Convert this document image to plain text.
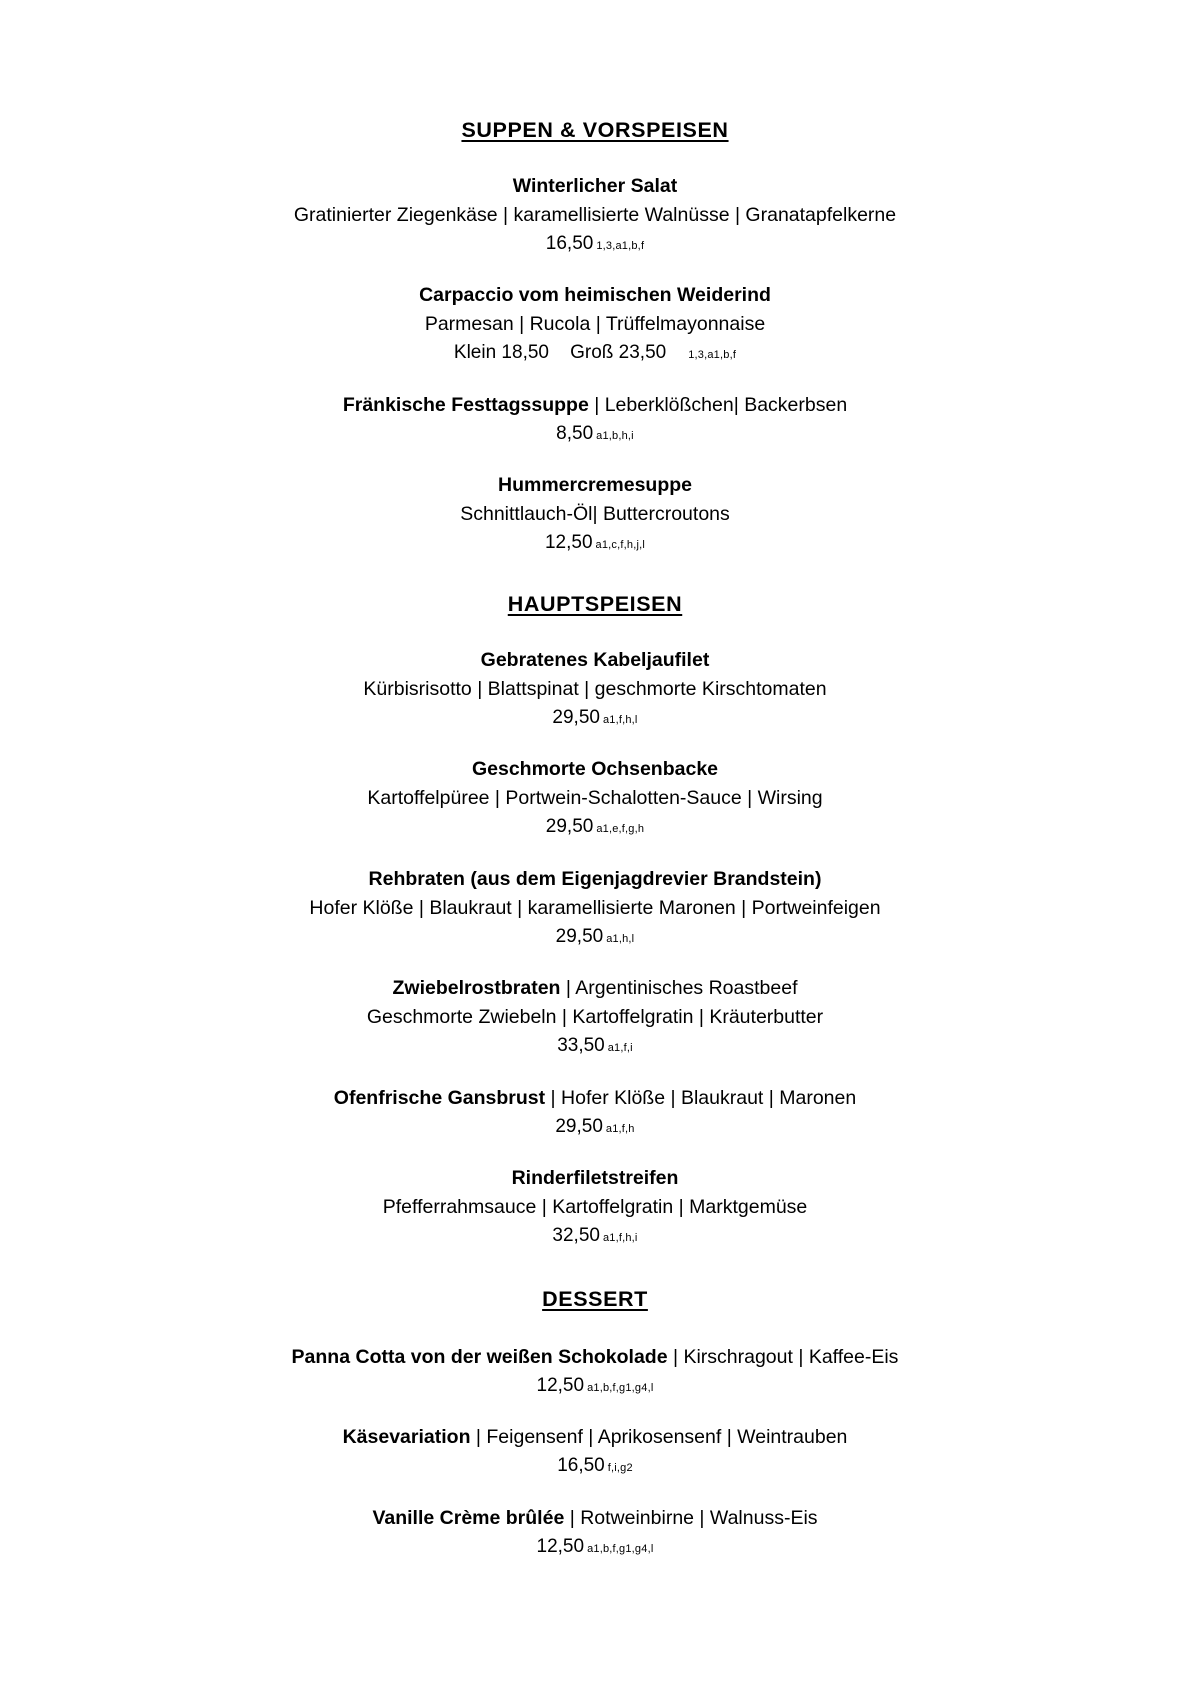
SUPPEN & VORSPEISEN

Winterlicher Salat

Gratinierter Ziegenkäse | karamellisierte Walnüsse | Granatapfelkerne

16,50 1,3,a1,b,f

Carpaccio vom heimischen Weiderind

Parmesan | Rucola | Trüffelmayonnaise

Klein 18,50 Groß 23,50 1,3,a1,b,f

Fränkische Festtagssuppe | Leberklößchen| Backerbsen

8,50 a1,b,h,i

Hummercremesuppe

Schnittlauch-Öl| Buttercroutons

12,50 a1,c,f,h,j,l

HAUPTSPEISEN

Gebratenes Kabeljaufilet

Kürbisrisotto | Blattspinat | geschmorte Kirschtomaten

29,50 a1,f,h,l

Geschmorte Ochsenbacke

Kartoffelpüree | Portwein-Schalotten-Sauce | Wirsing

29,50 a1,e,f,g,h

Rehbraten (aus dem Eigenjagdrevier Brandstein)

Hofer Klöße | Blaukraut | karamellisierte Maronen | Portweinfeigen

29,50 a1,h,l

Zwiebelrostbraten | Argentinisches Roastbeef

Geschmorte Zwiebeln | Kartoffelgratin | Kräuterbutter

33,50 a1,f,i

Ofenfrische Gansbrust | Hofer Klöße | Blaukraut | Maronen

29,50 a1,f,h

Rinderfiletstreifen

Pfefferrahmsauce | Kartoffelgratin | Marktgemüse

32,50 a1,f,h,i

DESSERT

Panna Cotta von der weißen Schokolade | Kirschragout | Kaffee-Eis

12,50 a1,b,f,g1,g4,l

Käsevariation | Feigensenf | Aprikosensenf | Weintrauben

16,50 f,i,g2

Vanille Crème brûlée | Rotweinbirne | Walnuss-Eis

12,50 a1,b,f,g1,g4,l
